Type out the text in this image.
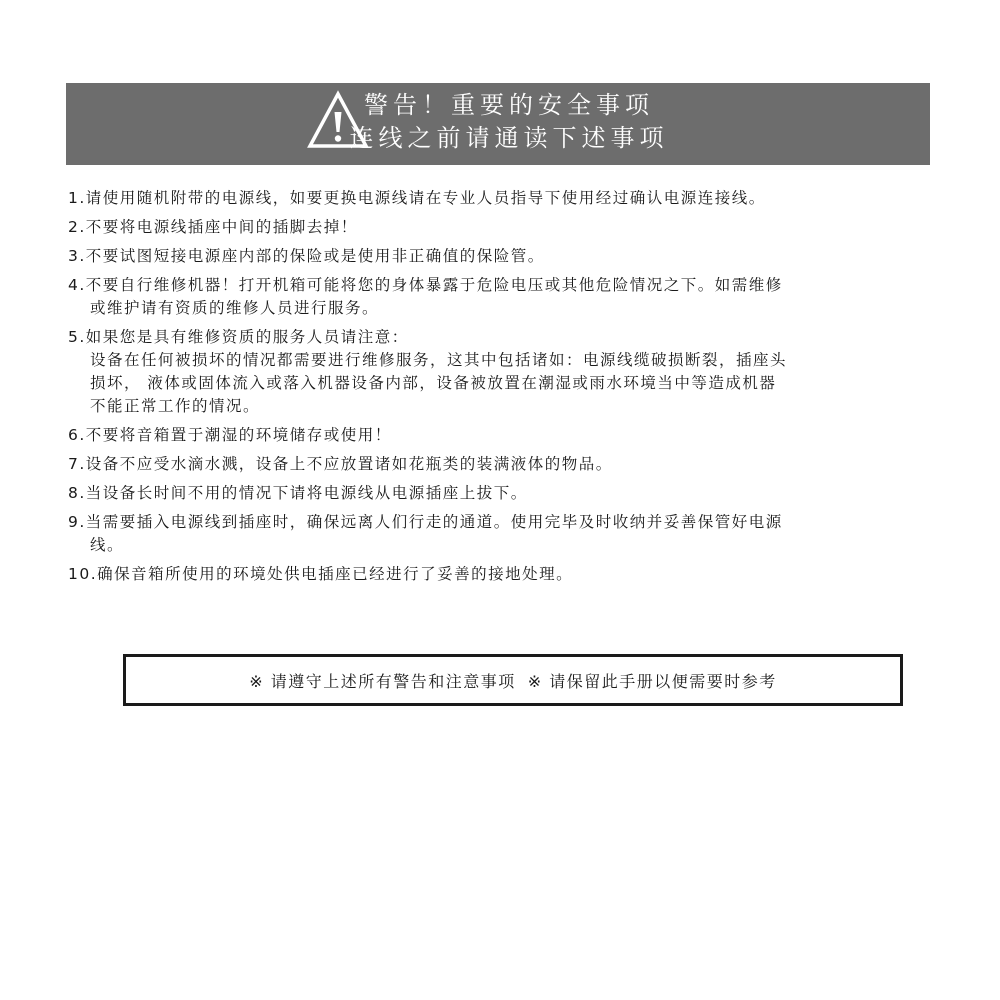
警告！重要的安全事项
连线之前请通读下述事项
1.请使用随机附带的电源线，如要更换电源线请在专业人员指导下使用经过确认电源连接线。
2.不要将电源线插座中间的插脚去掉！
3.不要试图短接电源座内部的保险或是使用非正确值的保险管。
4.不要自行维修机器！打开机箱可能将您的身体暴露于危险电压或其他危险情况之下。如需维修
或维护请有资质的维修人员进行服务。
5.如果您是具有维修资质的服务人员请注意：
设备在任何被损坏的情况都需要进行维修服务，这其中包括诸如：电源线缆破损断裂，插座头
损坏， 液体或固体流入或落入机器设备内部，设备被放置在潮湿或雨水环境当中等造成机器
不能正常工作的情况。
6.不要将音箱置于潮湿的环境储存或使用！
7.设备不应受水滴水溅，设备上不应放置诸如花瓶类的装满液体的物品。
8.当设备长时间不用的情况下请将电源线从电源插座上拔下。
9.当需要插入电源线到插座时，确保远离人们行走的通道。使用完毕及时收纳并妥善保管好电源
线。
10.确保音箱所使用的环境处供电插座已经进行了妥善的接地处理。
※ 请遵守上述所有警告和注意事项 ※ 请保留此手册以便需要时参考
